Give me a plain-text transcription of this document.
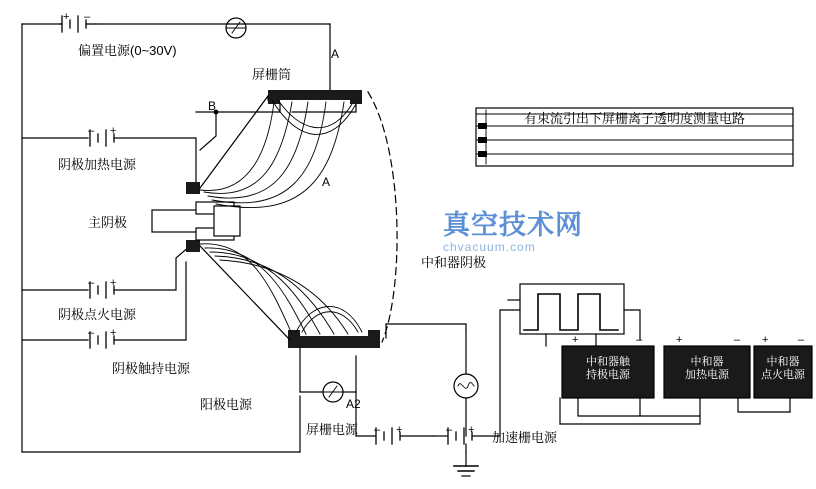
+ –
偏置电源(0~30V)
– +
阴极加热电源
– +
阴极点火电源
– +
阴极触持电源
主阴极
阳极电源	A2
屏栅电源 – +	– + 加速栅电源
屏栅筒
A
A
B
中和器阴极
有束流引出下屏栅离子透明度测量电路
+	–	+	– +	–
中和器触
持极电源
中和器
加热电源
中和器
点火电源
真空技术网
chvacuum.com
